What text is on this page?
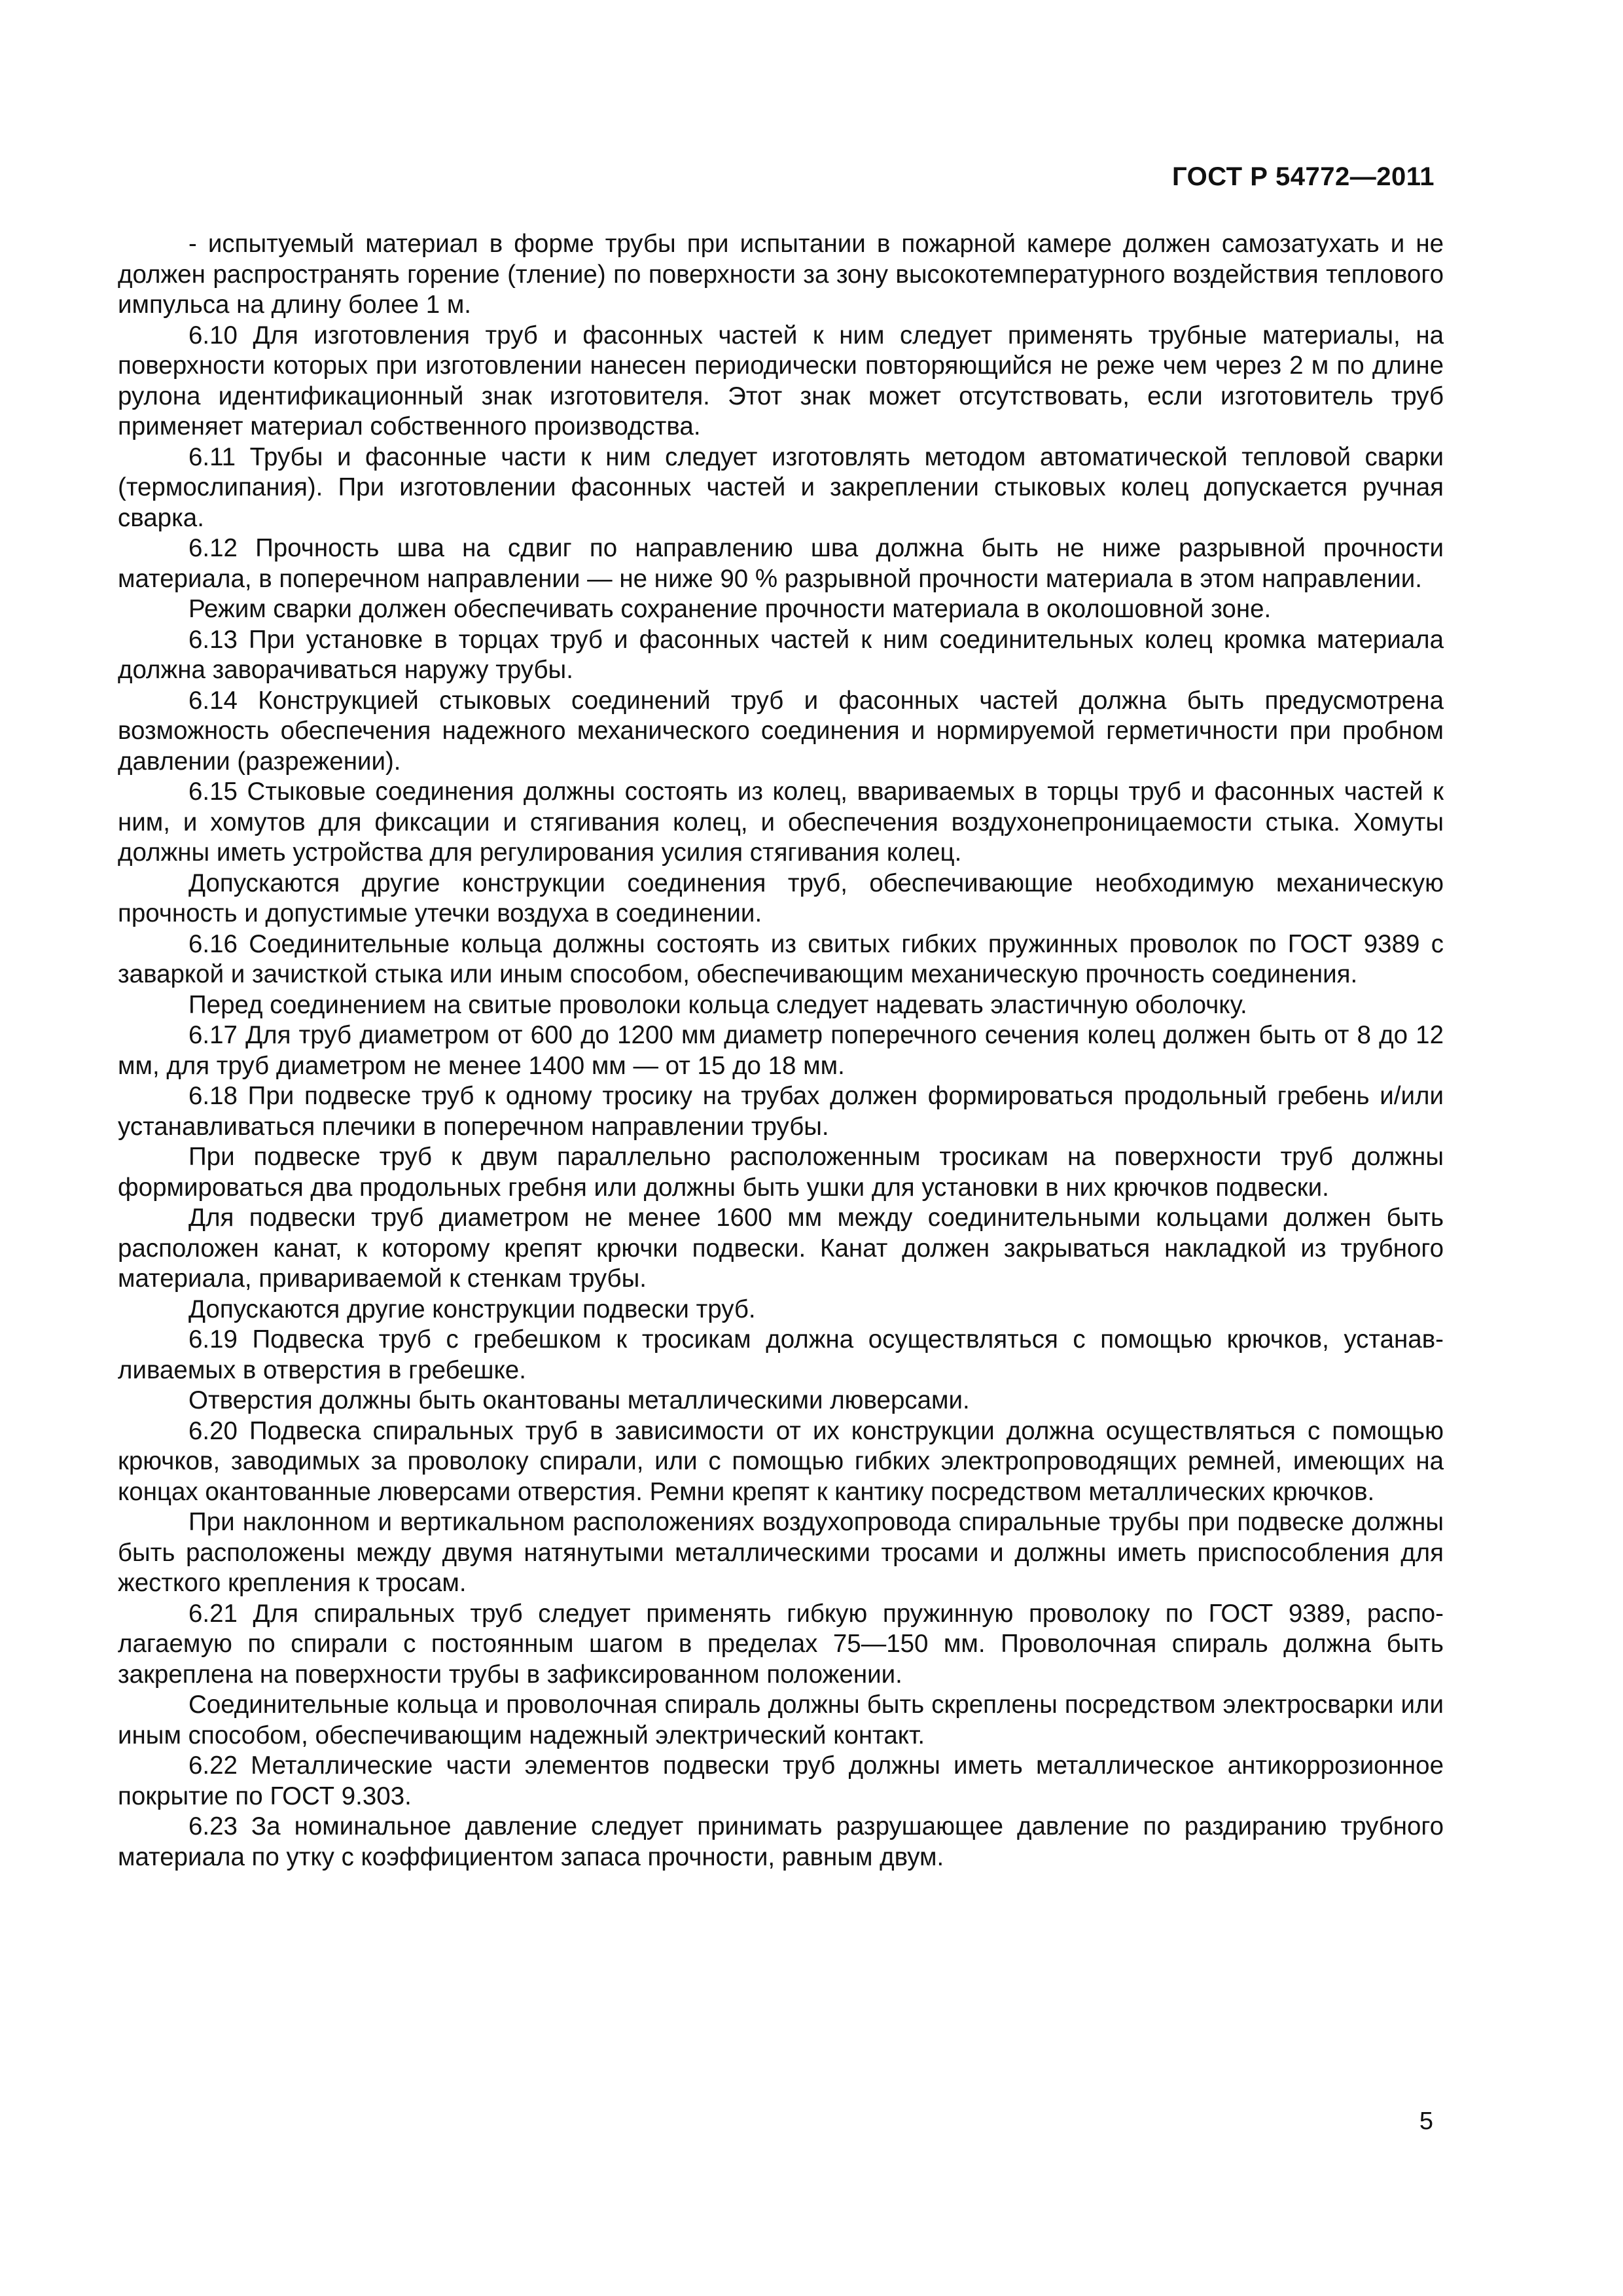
ГОСТ Р 54772—2011

- испытуемый материал в форме трубы при испытании в пожарной камере должен самозатухать и не должен распространять горение (тление) по поверхности за зону высокотемпературного воздействия теплового импульса на длину более 1 м.

6.10 Для изготовления труб и фасонных частей к ним следует применять трубные материалы, на поверхности которых при изготовлении нанесен периодически повторяющийся не реже чем через 2 м по длине рулона идентификационный знак изготовителя. Этот знак может отсутствовать, если изготовитель труб применяет материал собственного производства.

6.11 Трубы и фасонные части к ним следует изготовлять методом автоматической тепловой сварки (термослипания). При изготовлении фасонных частей и закреплении стыковых колец допускается ручная сварка.

6.12 Прочность шва на сдвиг по направлению шва должна быть не ниже разрывной прочности материала, в поперечном направлении — не ниже 90 % разрывной прочности материала в этом направлении.

Режим сварки должен обеспечивать сохранение прочности материала в околошовной зоне.

6.13 При установке в торцах труб и фасонных частей к ним соединительных колец кромка материала должна заворачиваться наружу трубы.

6.14 Конструкцией стыковых соединений труб и фасонных частей должна быть предусмотрена возможность обеспечения надежного механического соединения и нормируемой герметичности при пробном давлении (разрежении).

6.15 Стыковые соединения должны состоять из колец, ввариваемых в торцы труб и фасонных частей к ним, и хомутов для фиксации и стягивания колец, и обеспечения воздухонепроницаемости стыка. Хомуты должны иметь устройства для регулирования усилия стягивания колец.

Допускаются другие конструкции соединения труб, обеспечивающие необходимую механическую прочность и допустимые утечки воздуха в соединении.

6.16 Соединительные кольца должны состоять из свитых гибких пружинных проволок по ГОСТ 9389 с заваркой и зачисткой стыка или иным способом, обеспечивающим механическую прочность соединения.

Перед соединением на свитые проволоки кольца следует надевать эластичную оболочку.

6.17 Для труб диаметром от 600 до 1200 мм диаметр поперечного сечения колец должен быть от 8 до 12 мм, для труб диаметром не менее 1400 мм — от 15 до 18 мм.

6.18 При подвеске труб к одному тросику на трубах должен формироваться продольный гребень и/или устанавливаться плечики в поперечном направлении трубы.

При подвеске труб к двум параллельно расположенным тросикам на поверхности труб должны формироваться два продольных гребня или должны быть ушки для установки в них крючков подвески.

Для подвески труб диаметром не менее 1600 мм между соединительными кольцами должен быть расположен канат, к которому крепят крючки подвески. Канат должен закрываться накладкой из трубного материала, привариваемой к стенкам трубы.

Допускаются другие конструкции подвески труб.

6.19 Подвеска труб с гребешком к тросикам должна осуществляться с помощью крючков, устанавливаемых в отверстия в гребешке.

Отверстия должны быть окантованы металлическими люверсами.

6.20 Подвеска спиральных труб в зависимости от их конструкции должна осуществляться с помощью крючков, заводимых за проволоку спирали, или с помощью гибких электропроводящих ремней, имеющих на концах окантованные люверсами отверстия. Ремни крепят к кантику посредством металлических крючков.

При наклонном и вертикальном расположениях воздухопровода спиральные трубы при подвеске должны быть расположены между двумя натянутыми металлическими тросами и должны иметь приспособления для жесткого крепления к тросам.

6.21 Для спиральных труб следует применять гибкую пружинную проволоку по ГОСТ 9389, располагаемую по спирали с постоянным шагом в пределах 75—150 мм. Проволочная спираль должна быть закреплена на поверхности трубы в зафиксированном положении.

Соединительные кольца и проволочная спираль должны быть скреплены посредством электросварки или иным способом, обеспечивающим надежный электрический контакт.

6.22 Металлические части элементов подвески труб должны иметь металлическое антикоррозионное покрытие по ГОСТ 9.303.

6.23 За номинальное давление следует принимать разрушающее давление по раздиранию трубного материала по утку с коэффициентом запаса прочности, равным двум.

5
